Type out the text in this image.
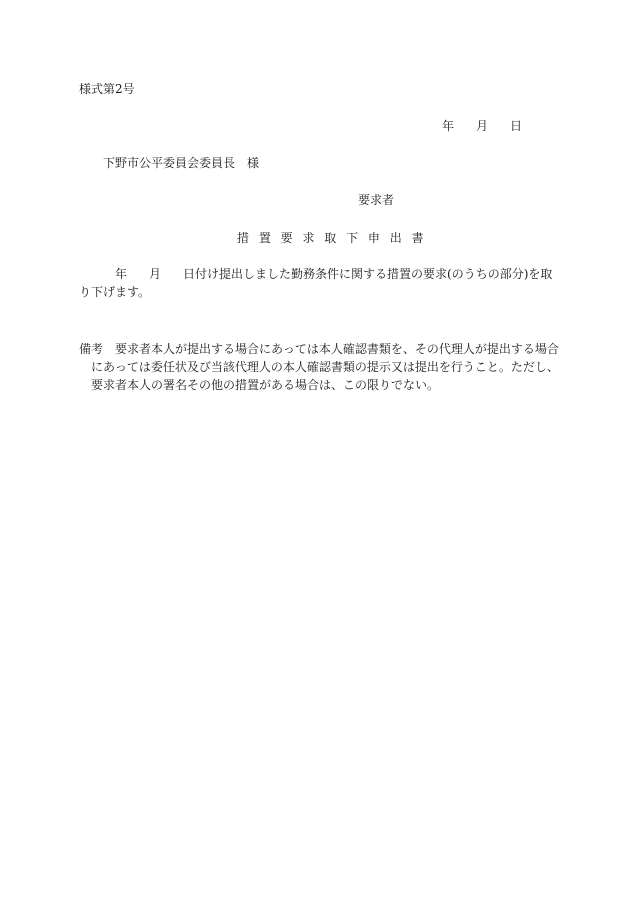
様式第2号
年 月 日
下野市公平委員会委員長 様
要求者
措 置 要 求 取 下 申 出 書
年 月 日付け提出しました勤務条件に関する措置の要求(のうちの部分)を取
り下げます。
備考 要求者本人が提出する場合にあっては本人確認書類を、その代理人が提出する場合
にあっては委任状及び当該代理人の本人確認書類の提示又は提出を行うこと。ただし、
要求者本人の署名その他の措置がある場合は、この限りでない。
